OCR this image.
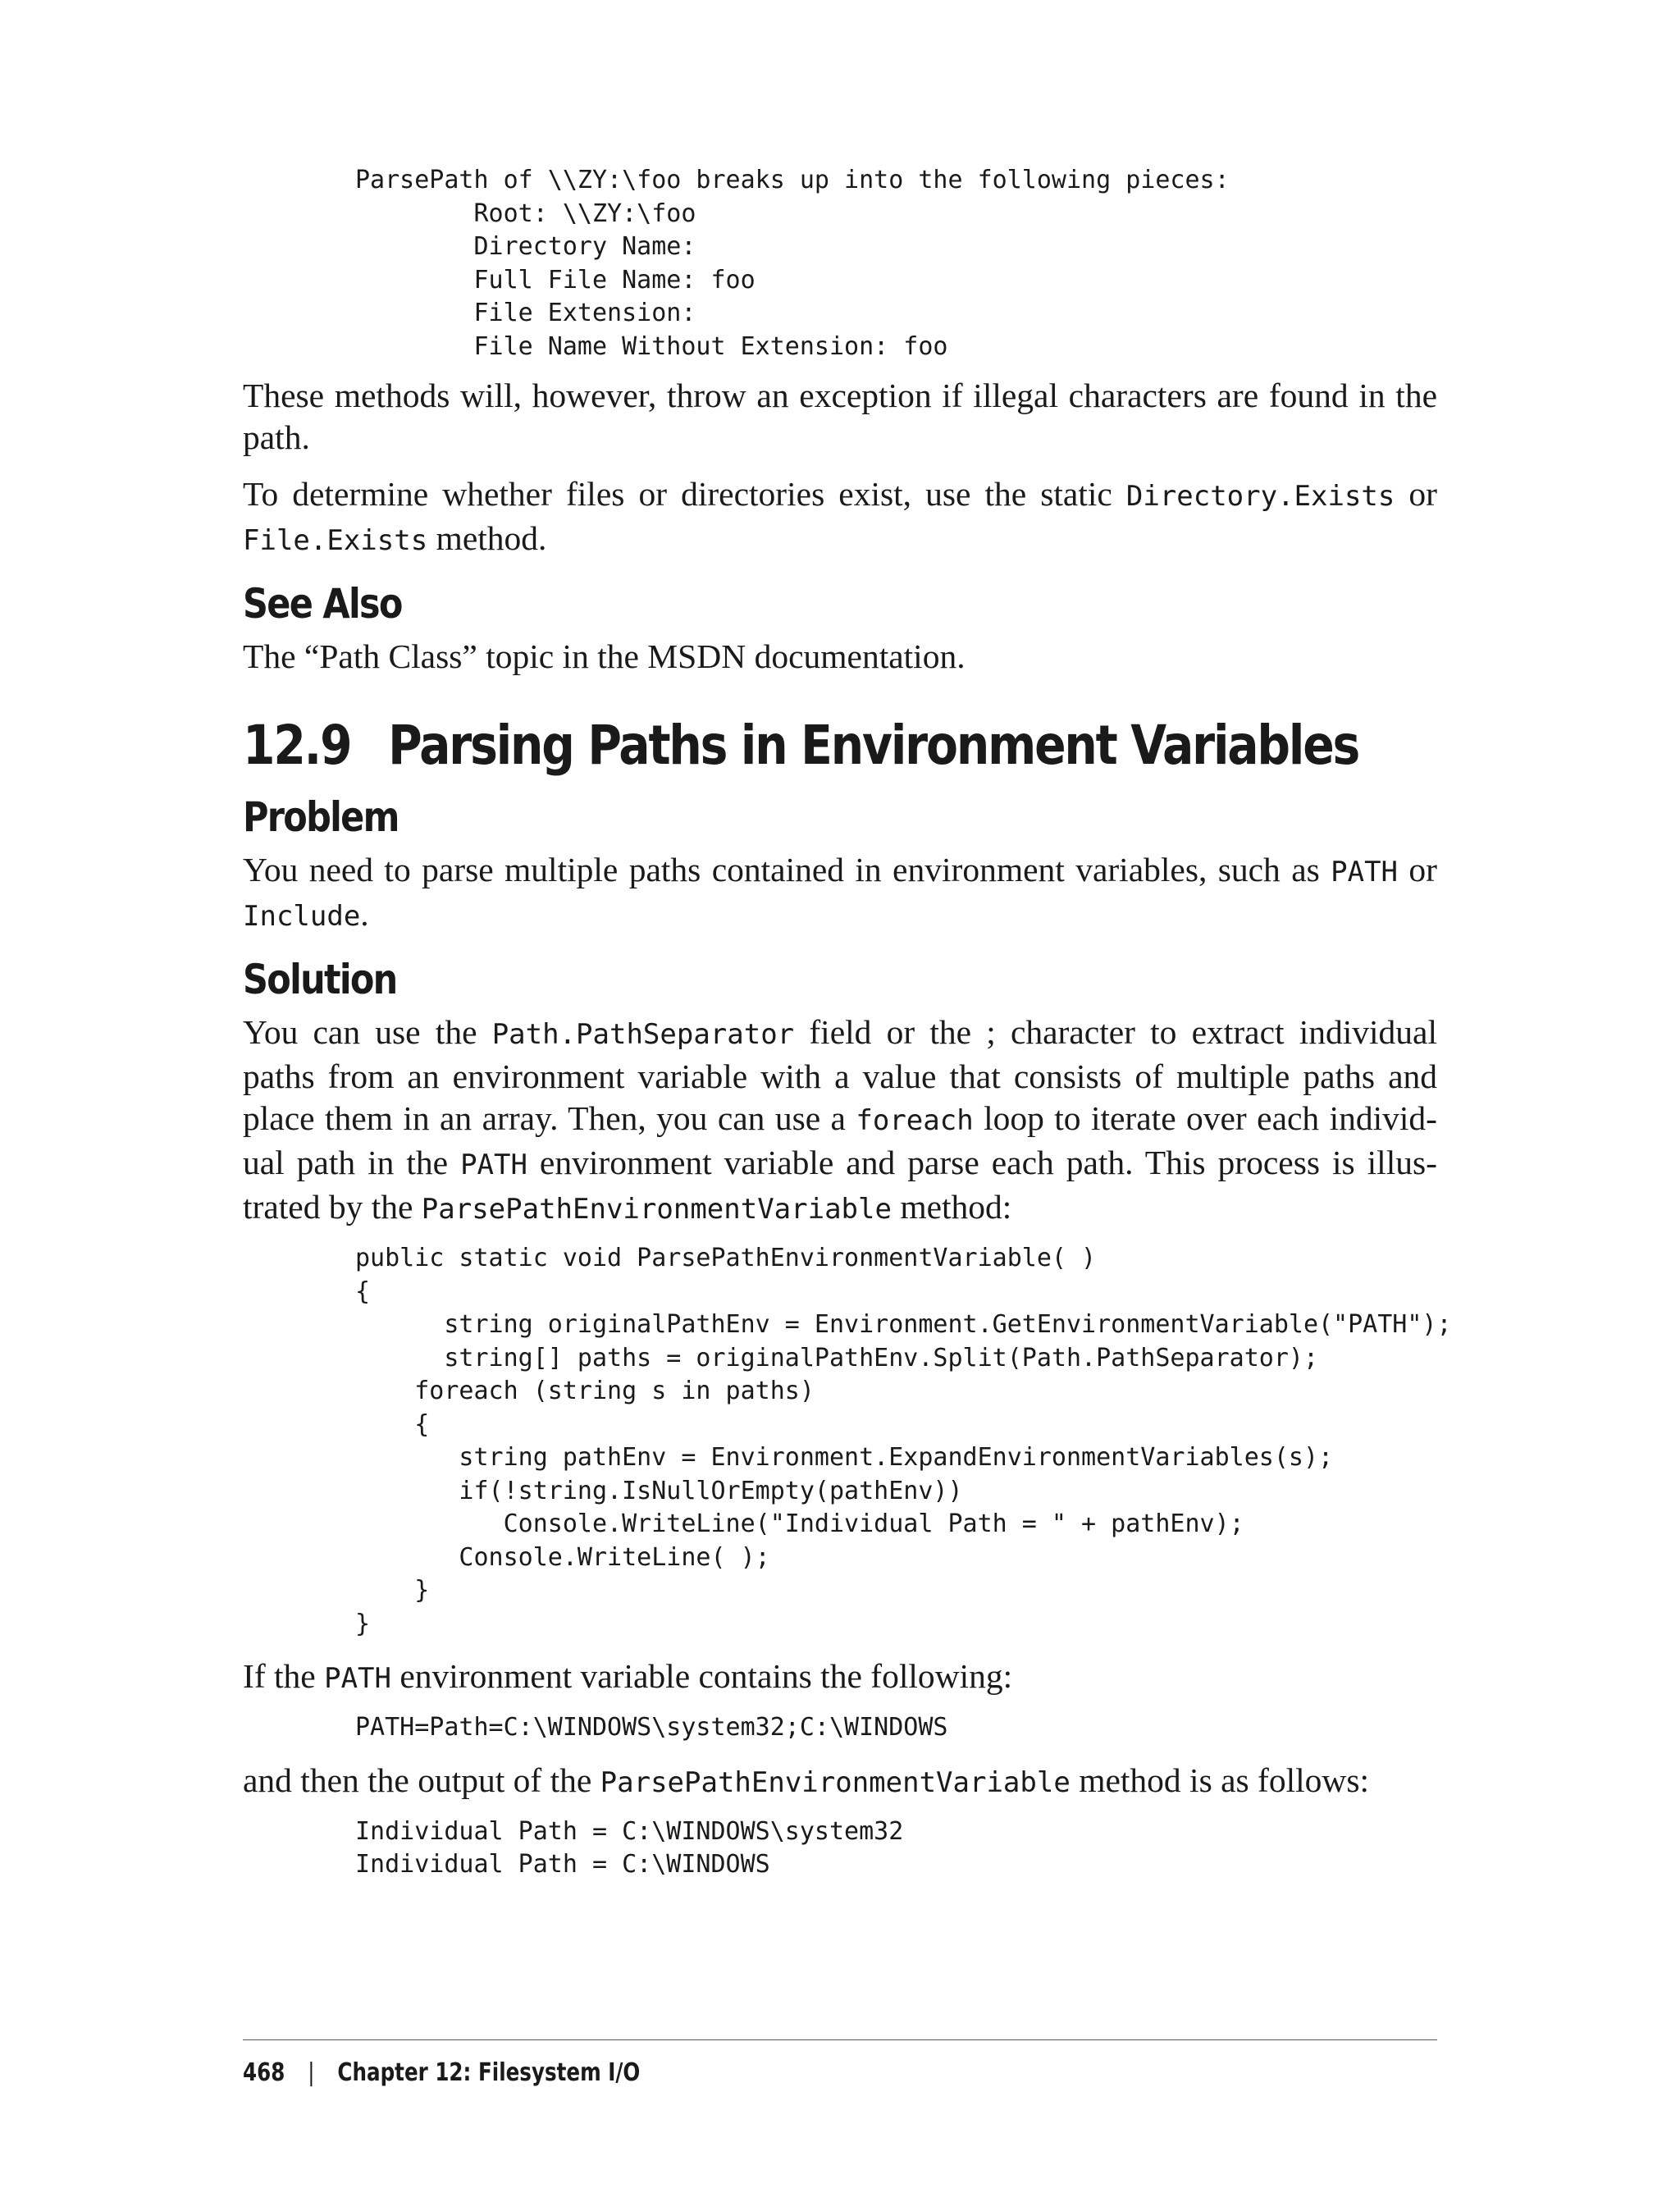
ParsePath of \\ZY:\foo breaks up into the following pieces:
Root: \\ZY:\foo
Directory Name:
Full File Name: foo
File Extension:
File Name Without Extension: foo

These methods will, however, throw an exception if illegal characters are found in the path.

To determine whether files or directories exist, use the static Directory.Exists or File.Exists method.

See Also

The “Path Class” topic in the MSDN documentation.

12.9 Parsing Paths in Environment Variables
Problem

You need to parse multiple paths contained in environment variables, such as PATH or Include.

Solution

You can use the Path.PathSeparator field or the ; character to extract individual paths from an environment variable with a value that consists of multiple paths and place them in an array. Then, you can use a foreach loop to iterate over each individual path in the PATH environment variable and parse each path. This process is illustrated by the ParsePathEnvironmentVariable method:

public static void ParsePathEnvironmentVariable( )
{
string originalPathEnv = Environment.GetEnvironmentVariable("PATH");
string[] paths = originalPathEnv.Split(Path.PathSeparator);
foreach (string s in paths)
{
string pathEnv = Environment.ExpandEnvironmentVariables(s);
if(!string.IsNullOrEmpty(pathEnv))
Console.WriteLine("Individual Path = " + pathEnv);
Console.WriteLine( );
}
}

If the PATH environment variable contains the following:

PATH=Path=C:\WINDOWS\system32;C:\WINDOWS

and then the output of the ParsePathEnvironmentVariable method is as follows:

Individual Path = C:\WINDOWS\system32
Individual Path = C:\WINDOWS
468 | Chapter 12: Filesystem I/O
